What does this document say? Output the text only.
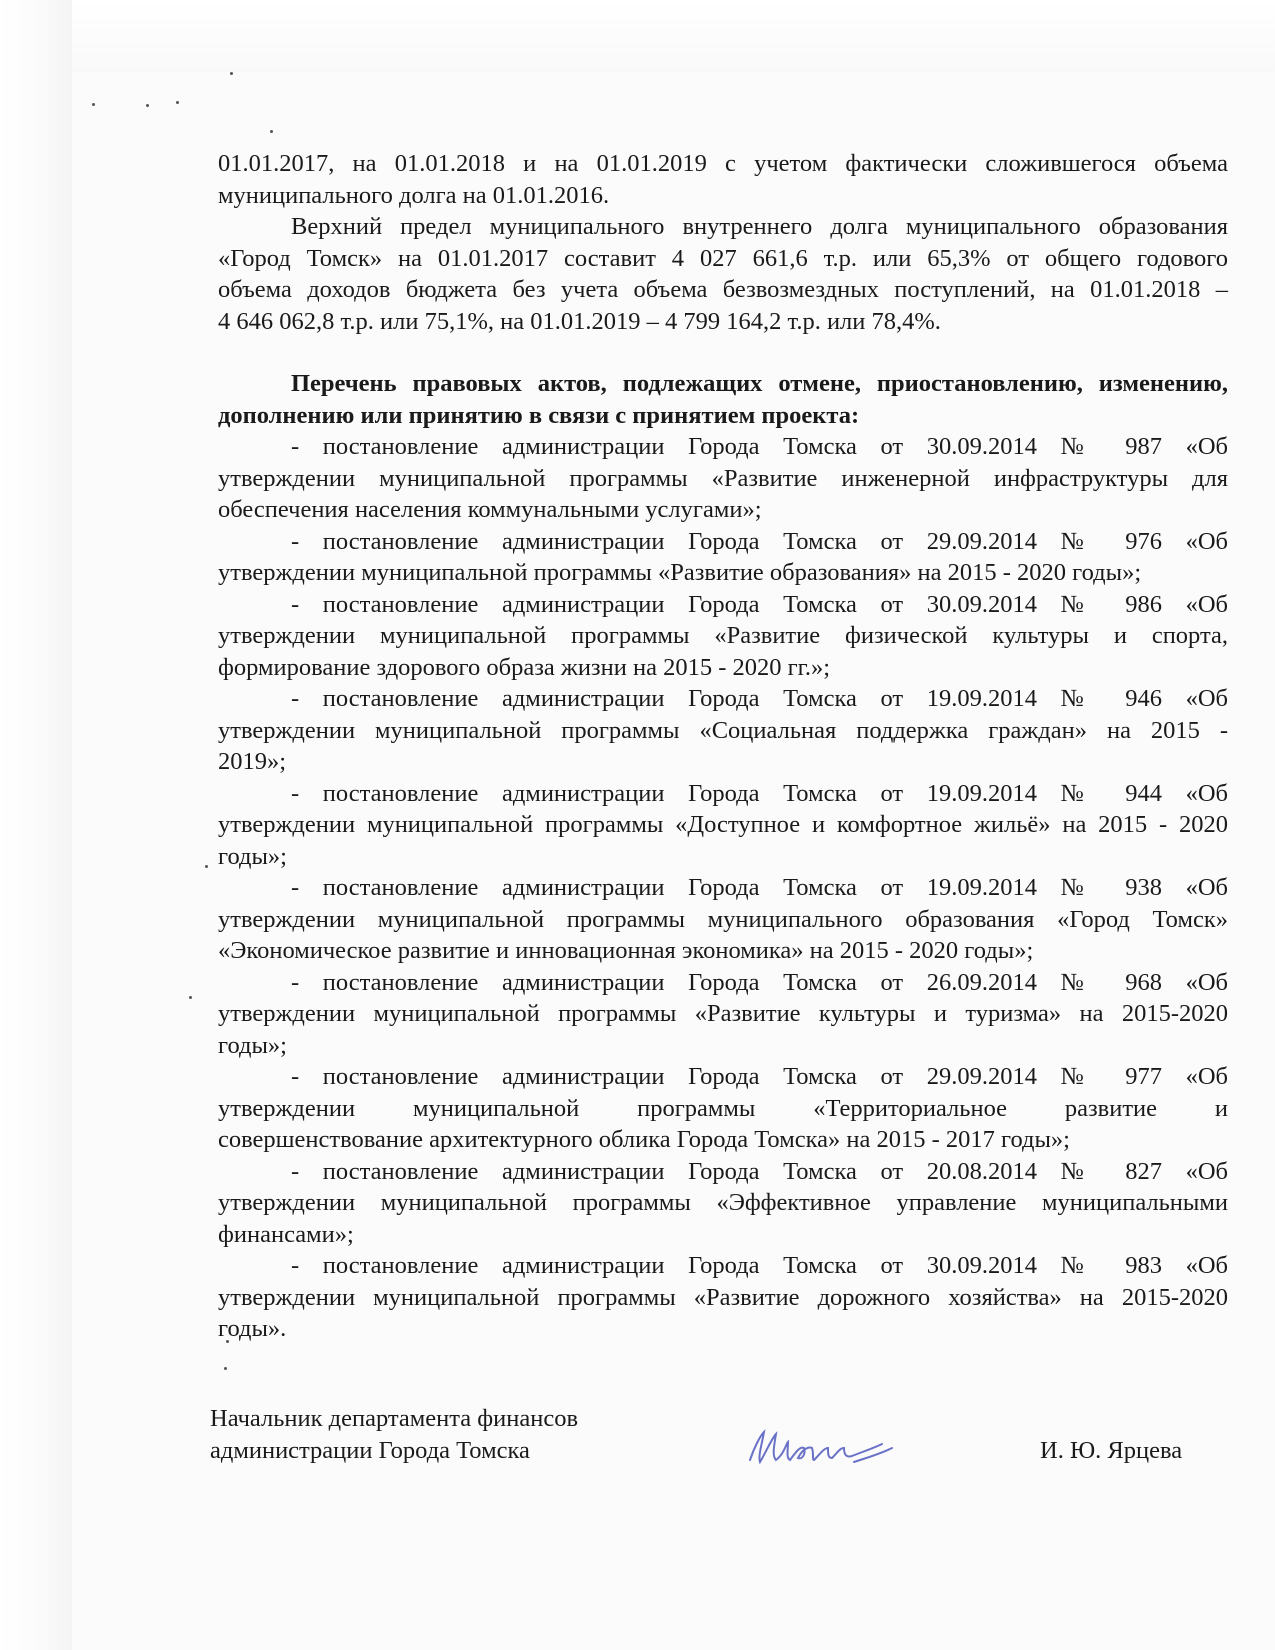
01.01.2017, на 01.01.2018 и на 01.01.2019 с учетом фактически сложившегося объема
муниципального долга на 01.01.2016.

Верхний предел муниципального внутреннего долга муниципального образования
«Город Томск» на 01.01.2017 составит 4 027 661,6 т.р. или 65,3% от общего годового
объема доходов бюджета без учета объема безвозмездных поступлений, на 01.01.2018 –
4 646 062,8 т.р. или 75,1%, на 01.01.2019 – 4 799 164,2 т.р. или 78,4%.

Перечень правовых актов, подлежащих отмене, приостановлению, изменению,
дополнению или принятию в связи с принятием проекта:

- постановление администрации Города Томска от 30.09.2014 № 987 «Об
утверждении муниципальной программы «Развитие инженерной инфраструктуры для
обеспечения населения коммунальными услугами»;

- постановление администрации Города Томска от 29.09.2014 № 976 «Об
утверждении муниципальной программы «Развитие образования» на 2015 - 2020 годы»;

- постановление администрации Города Томска от 30.09.2014 № 986 «Об
утверждении муниципальной программы «Развитие физической культуры и спорта,
формирование здорового образа жизни на 2015 - 2020 гг.»;

- постановление администрации Города Томска от 19.09.2014 № 946 «Об
утверждении муниципальной программы «Социальная поддержка граждан» на 2015 -
2019»;

- постановление администрации Города Томска от 19.09.2014 № 944 «Об
утверждении муниципальной программы «Доступное и комфортное жильё» на 2015 - 2020
годы»;

- постановление администрации Города Томска от 19.09.2014 № 938 «Об
утверждении муниципальной программы муниципального образования «Город Томск»
«Экономическое развитие и инновационная экономика» на 2015 - 2020 годы»;

- постановление администрации Города Томска от 26.09.2014 № 968 «Об
утверждении муниципальной программы «Развитие культуры и туризма» на 2015-2020
годы»;

- постановление администрации Города Томска от 29.09.2014 № 977 «Об
утверждении муниципальной программы «Территориальное развитие и
совершенствование архитектурного облика Города Томска» на 2015 - 2017 годы»;

- постановление администрации Города Томска от 20.08.2014 № 827 «Об
утверждении муниципальной программы «Эффективное управление муниципальными
финансами»;

- постановление администрации Города Томска от 30.09.2014 № 983 «Об
утверждении муниципальной программы «Развитие дорожного хозяйства» на 2015-2020
годы».

Начальник департамента финансов
администрации Города Томска	И. Ю. Ярцева
